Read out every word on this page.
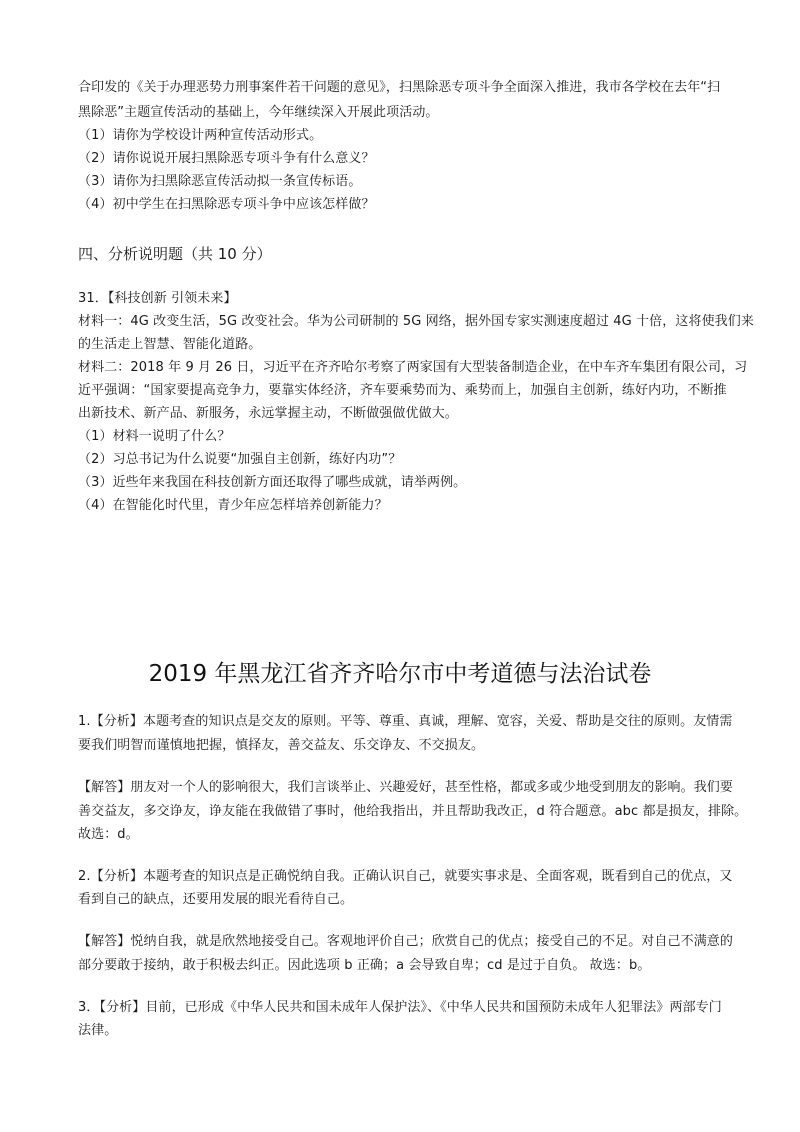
合印发的《关于办理恶势力刑事案件若干问题的意见》，扫黑除恶专项斗争全面深入推进，我市各学校在去年“扫
黑除恶”主题宣传活动的基础上，今年继续深入开展此项活动。
（1）请你为学校设计两种宣传活动形式。
（2）请你说说开展扫黑除恶专项斗争有什么意义？
（3）请你为扫黑除恶宣传活动拟一条宣传标语。
（4）初中学生在扫黑除恶专项斗争中应该怎样做？
四、分析说明题（共 10 分）
31．【科技创新 引领未来】
材料一：4G 改变生活，5G 改变社会。华为公司研制的 5G 网络，据外国专家实测速度超过 4G 十倍，这将使我们来
的生活走上智慧、智能化道路。
材料二：2018 年 9 月 26 日，习近平在齐齐哈尔考察了两家国有大型装备制造企业，在中车齐车集团有限公司，习
近平强调：“国家要提高竞争力，要靠实体经济，齐车要乘势而为、乘势而上，加强自主创新，练好内功，不断推
出新技术、新产品、新服务，永远掌握主动，不断做强做优做大。
（1）材料一说明了什么？
（2）习总书记为什么说要“加强自主创新，练好内功”？
（3）近些年来我国在科技创新方面还取得了哪些成就，请举两例。
（4）在智能化时代里，青少年应怎样培养创新能力？
2019 年黑龙江省齐齐哈尔市中考道德与法治试卷
1.【分析】本题考查的知识点是交友的原则。平等、尊重、真诚，理解、宽容，关爱、帮助是交往的原则。友情需
要我们明智而谨慎地把握，慎择友，善交益友、乐交诤友、不交损友。
【解答】朋友对一个人的影响很大，我们言谈举止、兴趣爱好，甚至性格，都或多或少地受到朋友的影响。我们要
善交益友，多交诤友，诤友能在我做错了事时，他给我指出，并且帮助我改正，d 符合题意。abc 都是损友，排除。
故选：d。
2.【分析】本题考查的知识点是正确悦纳自我。正确认识自己，就要实事求是、全面客观，既看到自己的优点，又
看到自己的缺点，还要用发展的眼光看待自己。
【解答】悦纳自我，就是欣然地接受自己。客观地评价自己；欣赏自己的优点；接受自己的不足。对自己不满意的
部分要敢于接纳，敢于积极去纠正。因此选项 b 正确；a 会导致自卑；cd 是过于自负。 故选：b。
3．【分析】目前，已形成《中华人民共和国未成年人保护法》、《中华人民共和国预防未成年人犯罪法》两部专门
法律。
